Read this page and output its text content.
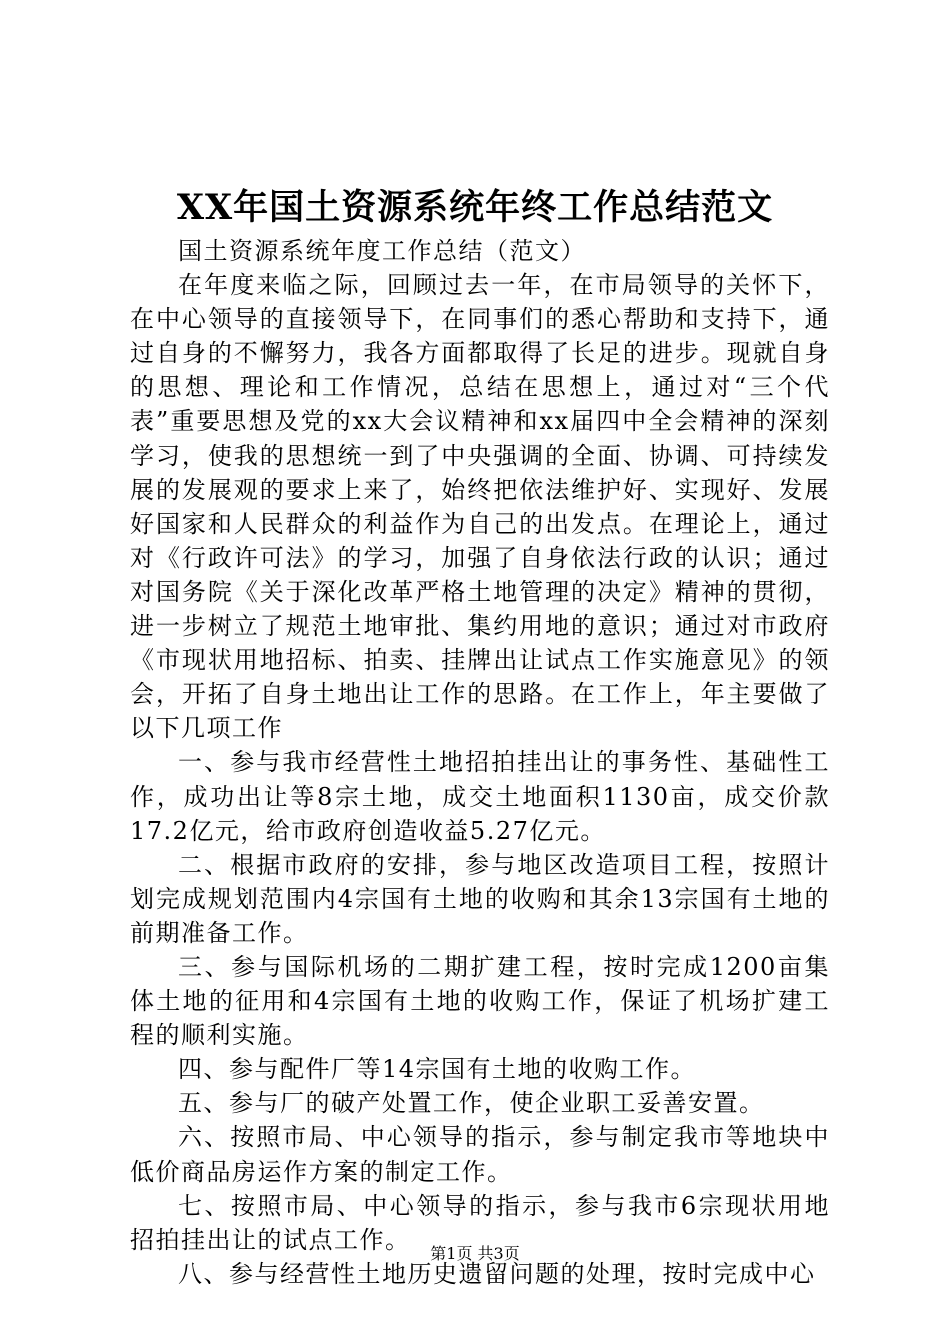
XX年国土资源系统年终工作总结范文

国土资源系统年度工作总结（范文）

在年度来临之际，回顾过去一年，在市局领导的关怀下，在中心领导的直接领导下，在同事们的悉心帮助和支持下，通过自身的不懈努力，我各方面都取得了长足的进步。现就自身的思想、理论和工作情况，总结在思想上，通过对“三个代表”重要思想及党的xx大会议精神和xx届四中全会精神的深刻学习，使我的思想统一到了中央强调的全面、协调、可持续发展的发展观的要求上来了，始终把依法维护好、实现好、发展好国家和人民群众的利益作为自己的出发点。在理论上，通过对《行政许可法》的学习，加强了自身依法行政的认识；通过对国务院《关于深化改革严格土地管理的决定》精神的贯彻，进一步树立了规范土地审批、集约用地的意识；通过对市政府《市现状用地招标、拍卖、挂牌出让试点工作实施意见》的领会，开拓了自身土地出让工作的思路。在工作上，年主要做了以下几项工作

一、参与我市经营性土地招拍挂出让的事务性、基础性工作，成功出让等8宗土地，成交土地面积1130亩，成交价款17.2亿元，给市政府创造收益5.27亿元。

二、根据市政府的安排，参与地区改造项目工程，按照计划完成规划范围内4宗国有土地的收购和其余13宗国有土地的前期准备工作。

三、参与国际机场的二期扩建工程，按时完成1200亩集体土地的征用和4宗国有土地的收购工作，保证了机场扩建工程的顺利实施。

四、参与配件厂等14宗国有土地的收购工作。

五、参与厂的破产处置工作，使企业职工妥善安置。

六、按照市局、中心领导的指示，参与制定我市等地块中低价商品房运作方案的制定工作。

七、按照市局、中心领导的指示，参与我市6宗现状用地招拍挂出让的试点工作。

八、参与经营性土地历史遗留问题的处理，按时完成中心

第1页 共3页
